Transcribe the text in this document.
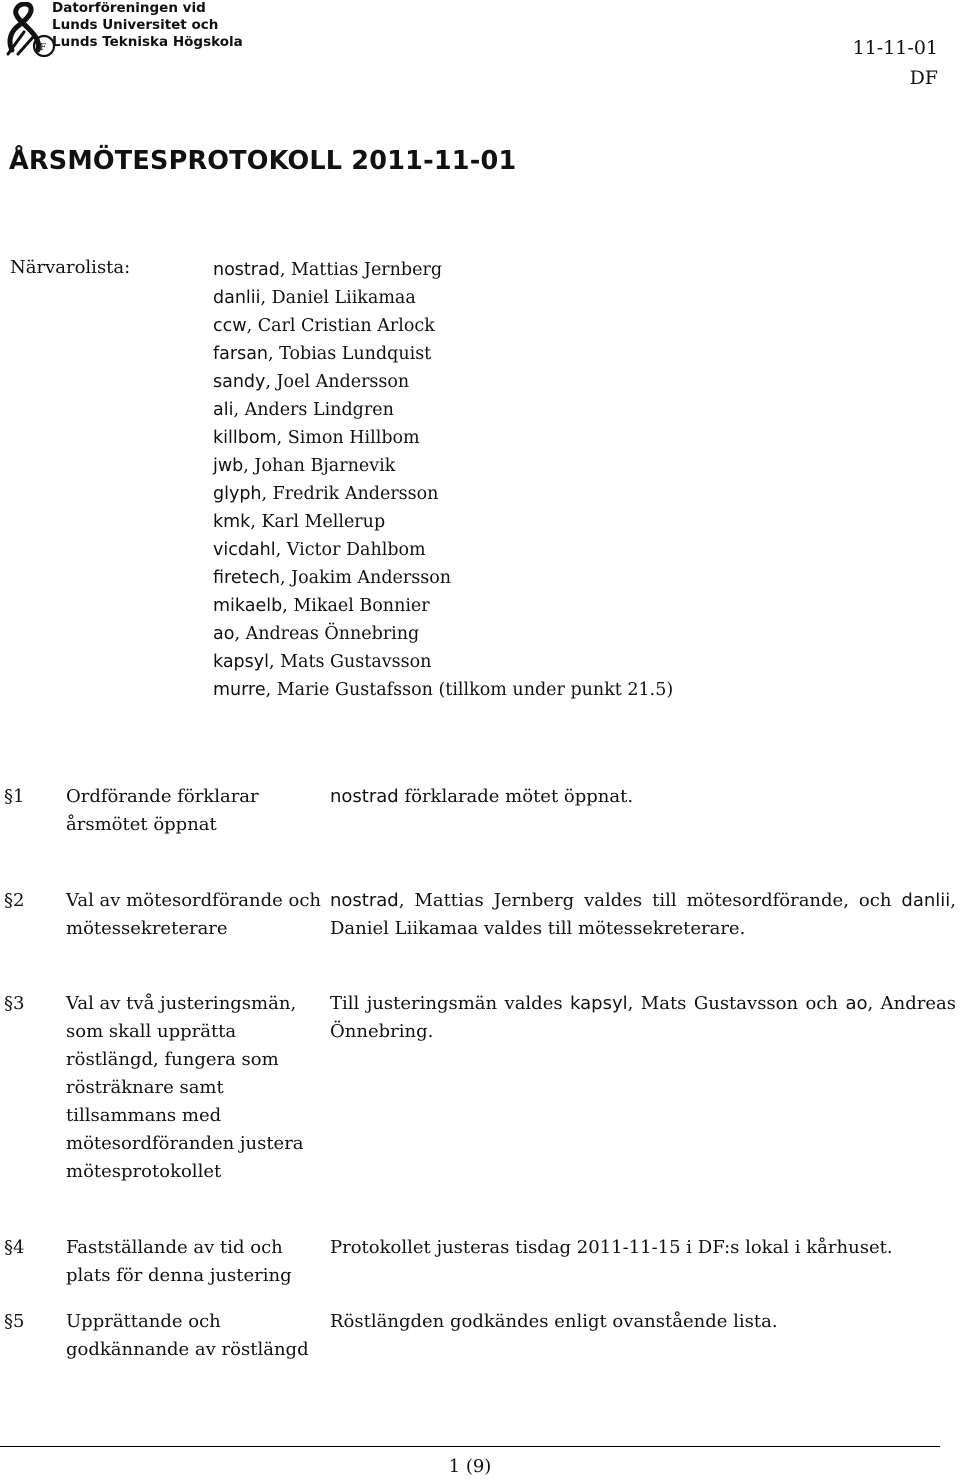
F
Datorföreningen vid
Lunds Universitet och
Lunds Tekniska Högskola	11-11-01
DF
ÅRSMÖTESPROTOKOLL 2011-11-01
Närvarolista:	nostrad, Mattias Jernberg
danlii, Daniel Liikamaa
ccw, Carl Cristian Arlock
farsan, Tobias Lundquist
sandy, Joel Andersson
ali, Anders Lindgren
killbom, Simon Hillbom
jwb, Johan Bjarnevik
glyph, Fredrik Andersson
kmk, Karl Mellerup
vicdahl, Victor Dahlbom
firetech, Joakim Andersson
mikaelb, Mikael Bonnier
ao, Andreas Önnebring
kapsyl, Mats Gustavsson
murre, Marie Gustafsson (tillkom under punkt 21.5)
§1 Ordförande förklarar årsmötet öppnat
nostrad förklarade mötet öppnat.
§2 Val av mötesordförande och mötessekreterare
nostrad, Mattias Jernberg valdes till mötesordförande, och danlii, Daniel Liikamaa valdes till mötessekreterare.
§3 Val av två justeringsmän, som skall upprätta röstlängd, fungera som rösträknare samt tillsammans med mötesordföranden justera mötesprotokollet
Till justeringsmän valdes kapsyl, Mats Gustavsson och ao, Andreas Önnebring.
§4 Fastställande av tid och plats för denna justering
Protokollet justeras tisdag 2011-11-15 i DF:s lokal i kårhuset.
§5 Upprättande och godkännande av röstlängd
Röstlängden godkändes enligt ovanstående lista.
1 (9)
